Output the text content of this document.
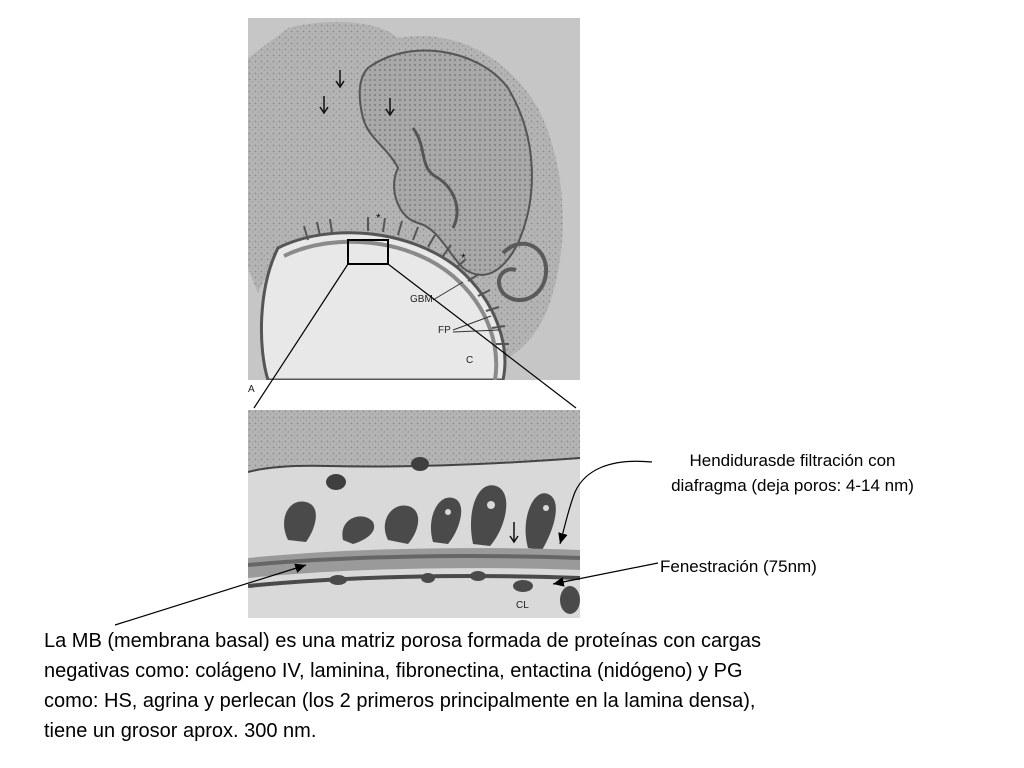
*
*
GBM
FP
C
A
CL
Hendidurasde filtración con
diafragma (deja poros: 4-14 nm)
Fenestración (75nm)
La MB (membrana basal) es una matriz porosa formada de proteínas con cargas
negativas como: colágeno IV, laminina, fibronectina, entactina (nidógeno) y PG
como: HS, agrina y perlecan (los 2 primeros principalmente en la lamina densa),
tiene un grosor aprox. 300 nm.
